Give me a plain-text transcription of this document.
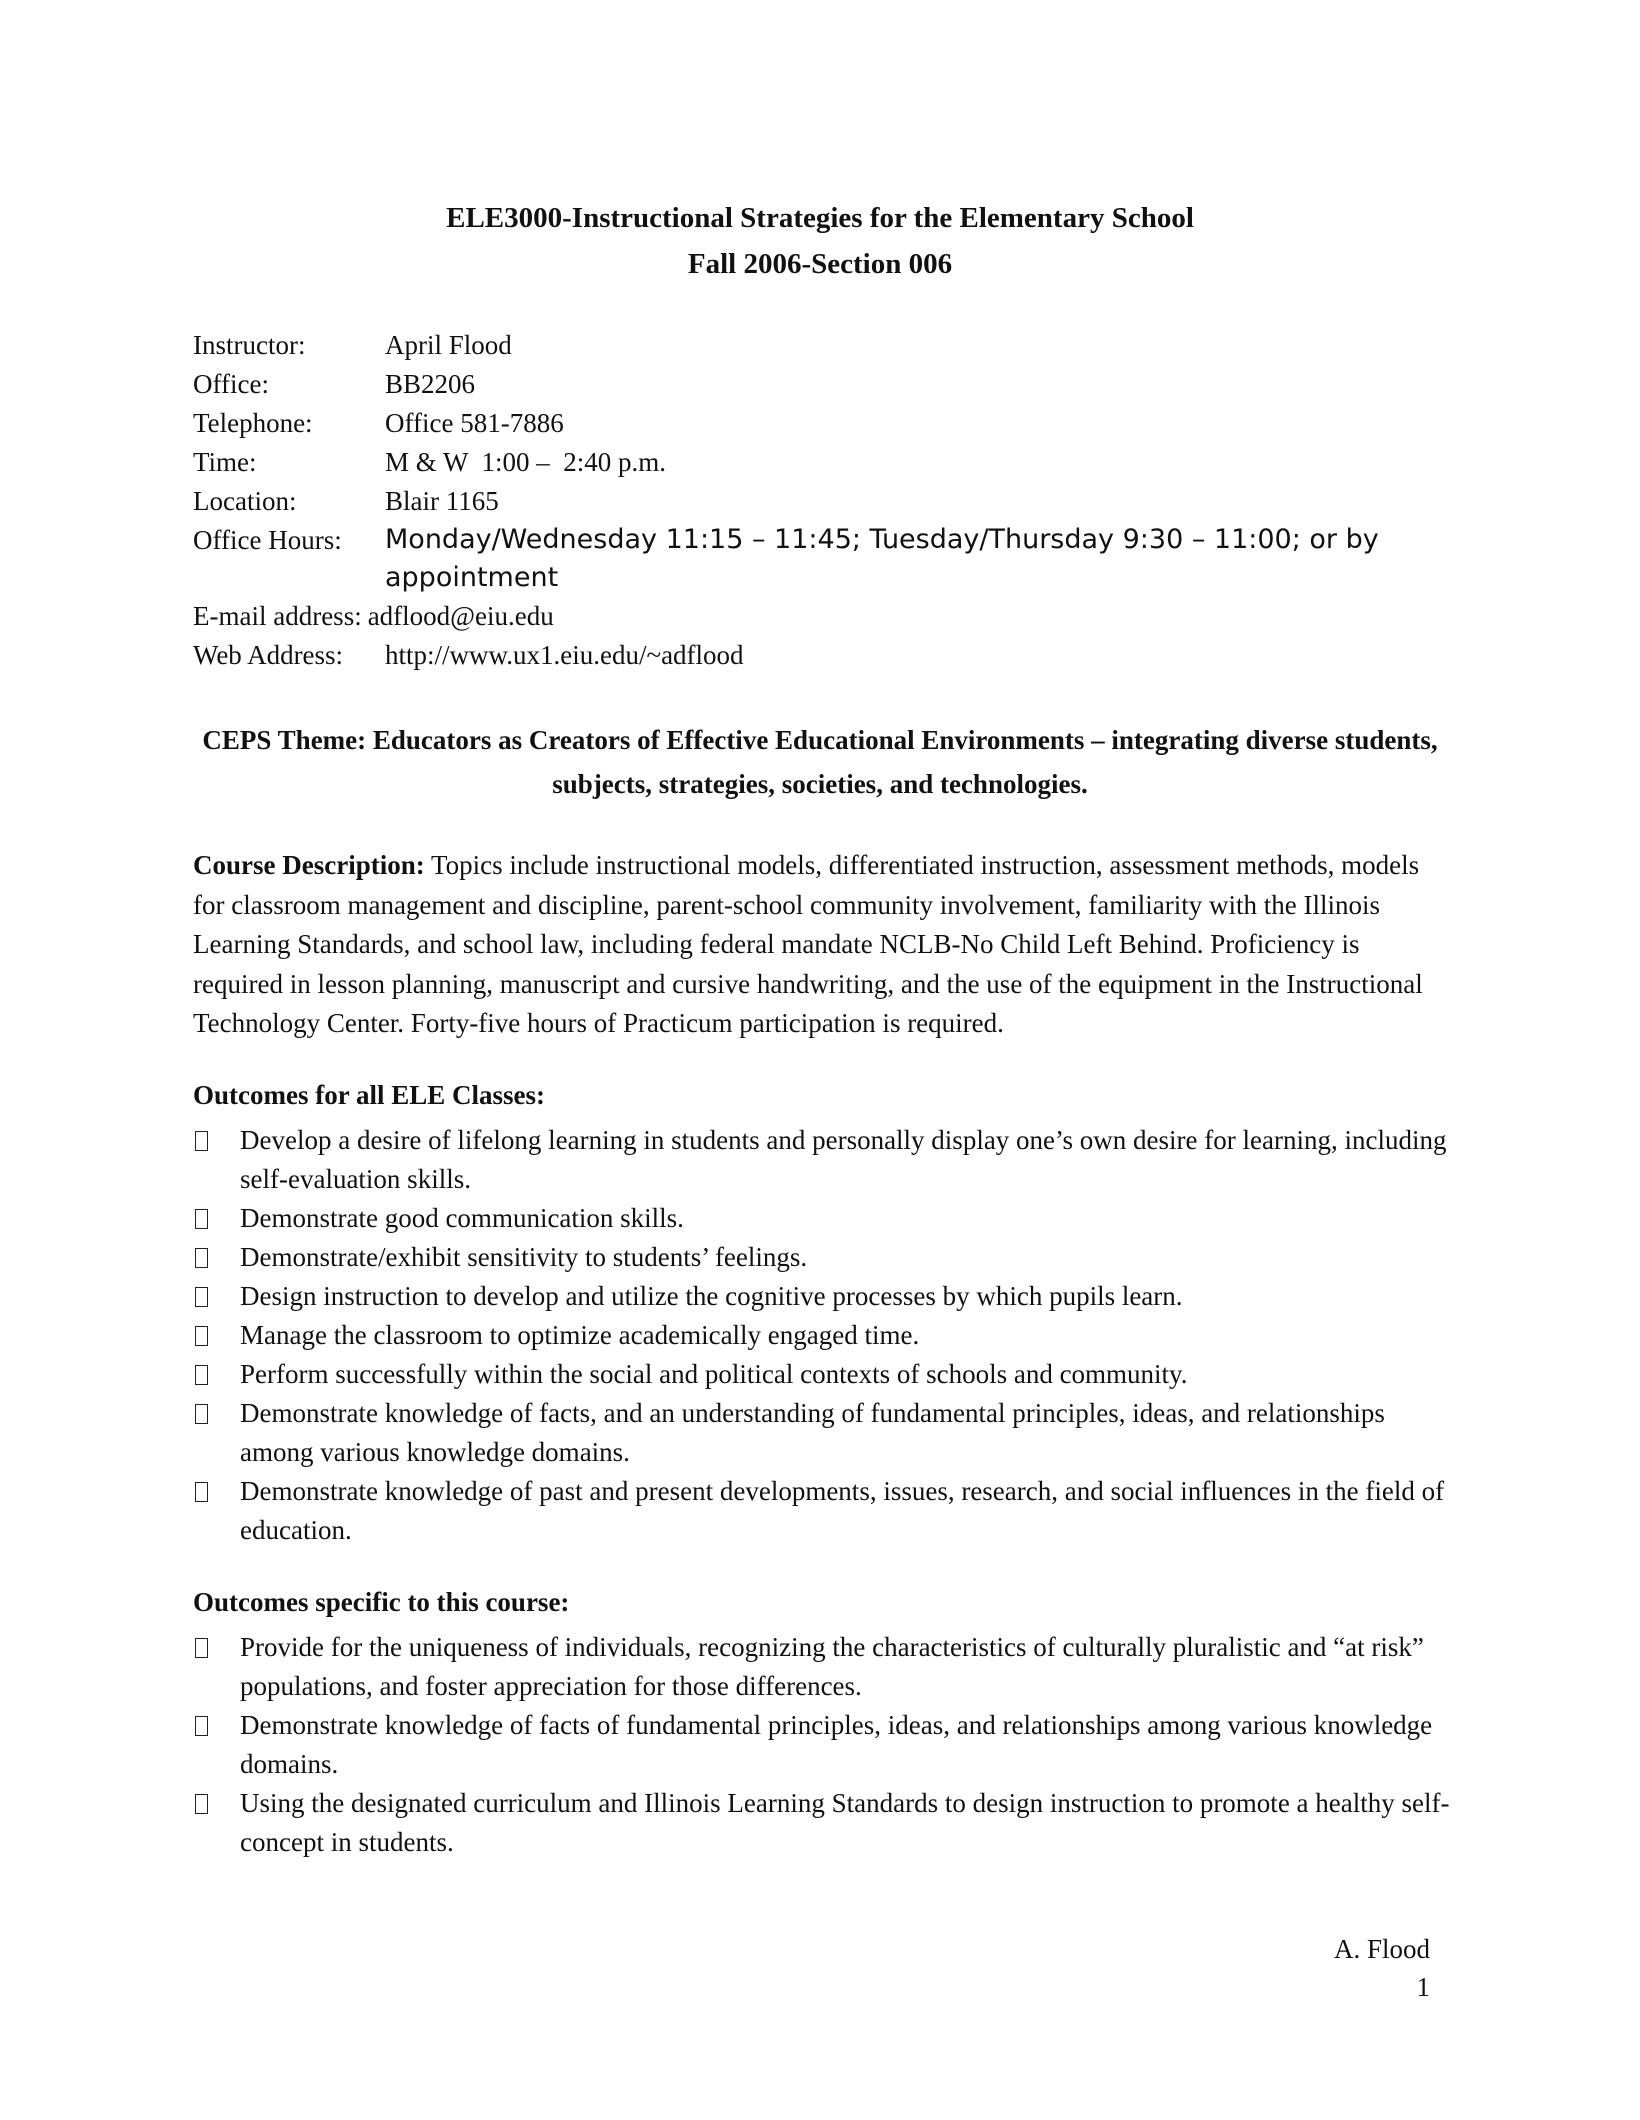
ELE3000-Instructional Strategies for the Elementary School
Fall 2006-Section 006
Instructor:	April Flood
Office:	BB2206
Telephone:	Office 581-7886
Time:	M & W  1:00 –  2:40 p.m.
Location:	Blair 1165
Office Hours:	Monday/Wednesday 11:15 – 11:45; Tuesday/Thursday 9:30 – 11:00; or by appointment
E-mail address: adflood@eiu.edu
Web Address:	http://www.ux1.eiu.edu/~adflood
CEPS Theme: Educators as Creators of Effective Educational Environments – integrating diverse students, subjects, strategies, societies, and technologies.
Course Description: Topics include instructional models, differentiated instruction, assessment methods, models for classroom management and discipline, parent-school community involvement, familiarity with the Illinois Learning Standards, and school law, including federal mandate NCLB-No Child Left Behind. Proficiency is required in lesson planning, manuscript and cursive handwriting, and the use of the equipment in the Instructional Technology Center. Forty-five hours of Practicum participation is required.
Outcomes for all ELE Classes:
Develop a desire of lifelong learning in students and personally display one’s own desire for learning, including self-evaluation skills.
Demonstrate good communication skills.
Demonstrate/exhibit sensitivity to students’ feelings.
Design instruction to develop and utilize the cognitive processes by which pupils learn.
Manage the classroom to optimize academically engaged time.
Perform successfully within the social and political contexts of schools and community.
Demonstrate knowledge of facts, and an understanding of fundamental principles, ideas, and relationships among various knowledge domains.
Demonstrate knowledge of past and present developments, issues, research, and social influences in the field of education.
Outcomes specific to this course:
Provide for the uniqueness of individuals, recognizing the characteristics of culturally pluralistic and “at risk” populations, and foster appreciation for those differences.
Demonstrate knowledge of facts of fundamental principles, ideas, and relationships among various knowledge domains.
Using the designated curriculum and Illinois Learning Standards to design instruction to promote a healthy self-concept in students.
A. Flood
1
